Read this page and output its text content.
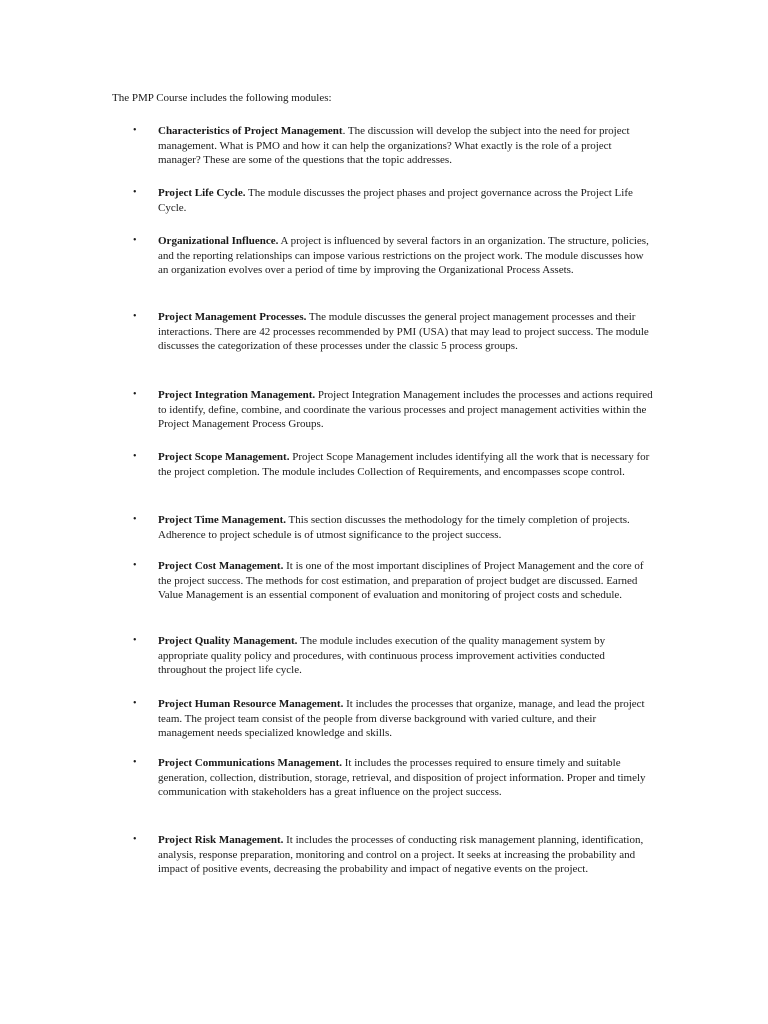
The PMP Course includes the following modules:

• Characteristics of Project Management. The discussion will develop the subject into the need for project management. What is PMO and how it can help the organizations? What exactly is the role of a project manager? These are some of the questions that the topic addresses.
• Project Life Cycle. The module discusses the project phases and project governance across the Project Life Cycle.
• Organizational Influence. A project is influenced by several factors in an organization. The structure, policies, and the reporting relationships can impose various restrictions on the project work. The module discusses how an organization evolves over a period of time by improving the Organizational Process Assets.
• Project Management Processes. The module discusses the general project management processes and their interactions. There are 42 processes recommended by PMI (USA) that may lead to project success. The module discusses the categorization of these processes under the classic 5 process groups.
• Project Integration Management. Project Integration Management includes the processes and actions required to identify, define, combine, and coordinate the various processes and project management activities within the Project Management Process Groups.
• Project Scope Management. Project Scope Management includes identifying all the work that is necessary for the project completion. The module includes Collection of Requirements, and encompasses scope control.
• Project Time Management. This section discusses the methodology for the timely completion of projects. Adherence to project schedule is of utmost significance to the project success.
• Project Cost Management. It is one of the most important disciplines of Project Management and the core of the project success. The methods for cost estimation, and preparation of project budget are discussed. Earned Value Management is an essential component of evaluation and monitoring of project costs and schedule.
• Project Quality Management. The module includes execution of the quality management system by appropriate quality policy and procedures, with continuous process improvement activities conducted throughout the project life cycle.
• Project Human Resource Management. It includes the processes that organize, manage, and lead the project team. The project team consist of the people from diverse background with varied culture, and their management needs specialized knowledge and skills.
• Project Communications Management. It includes the processes required to ensure timely and suitable generation, collection, distribution, storage, retrieval, and disposition of project information. Proper and timely communication with stakeholders has a great influence on the project success.
• Project Risk Management. It includes the processes of conducting risk management planning, identification, analysis, response preparation, monitoring and control on a project. It seeks at increasing the probability and impact of positive events, decreasing the probability and impact of negative events on the project.
